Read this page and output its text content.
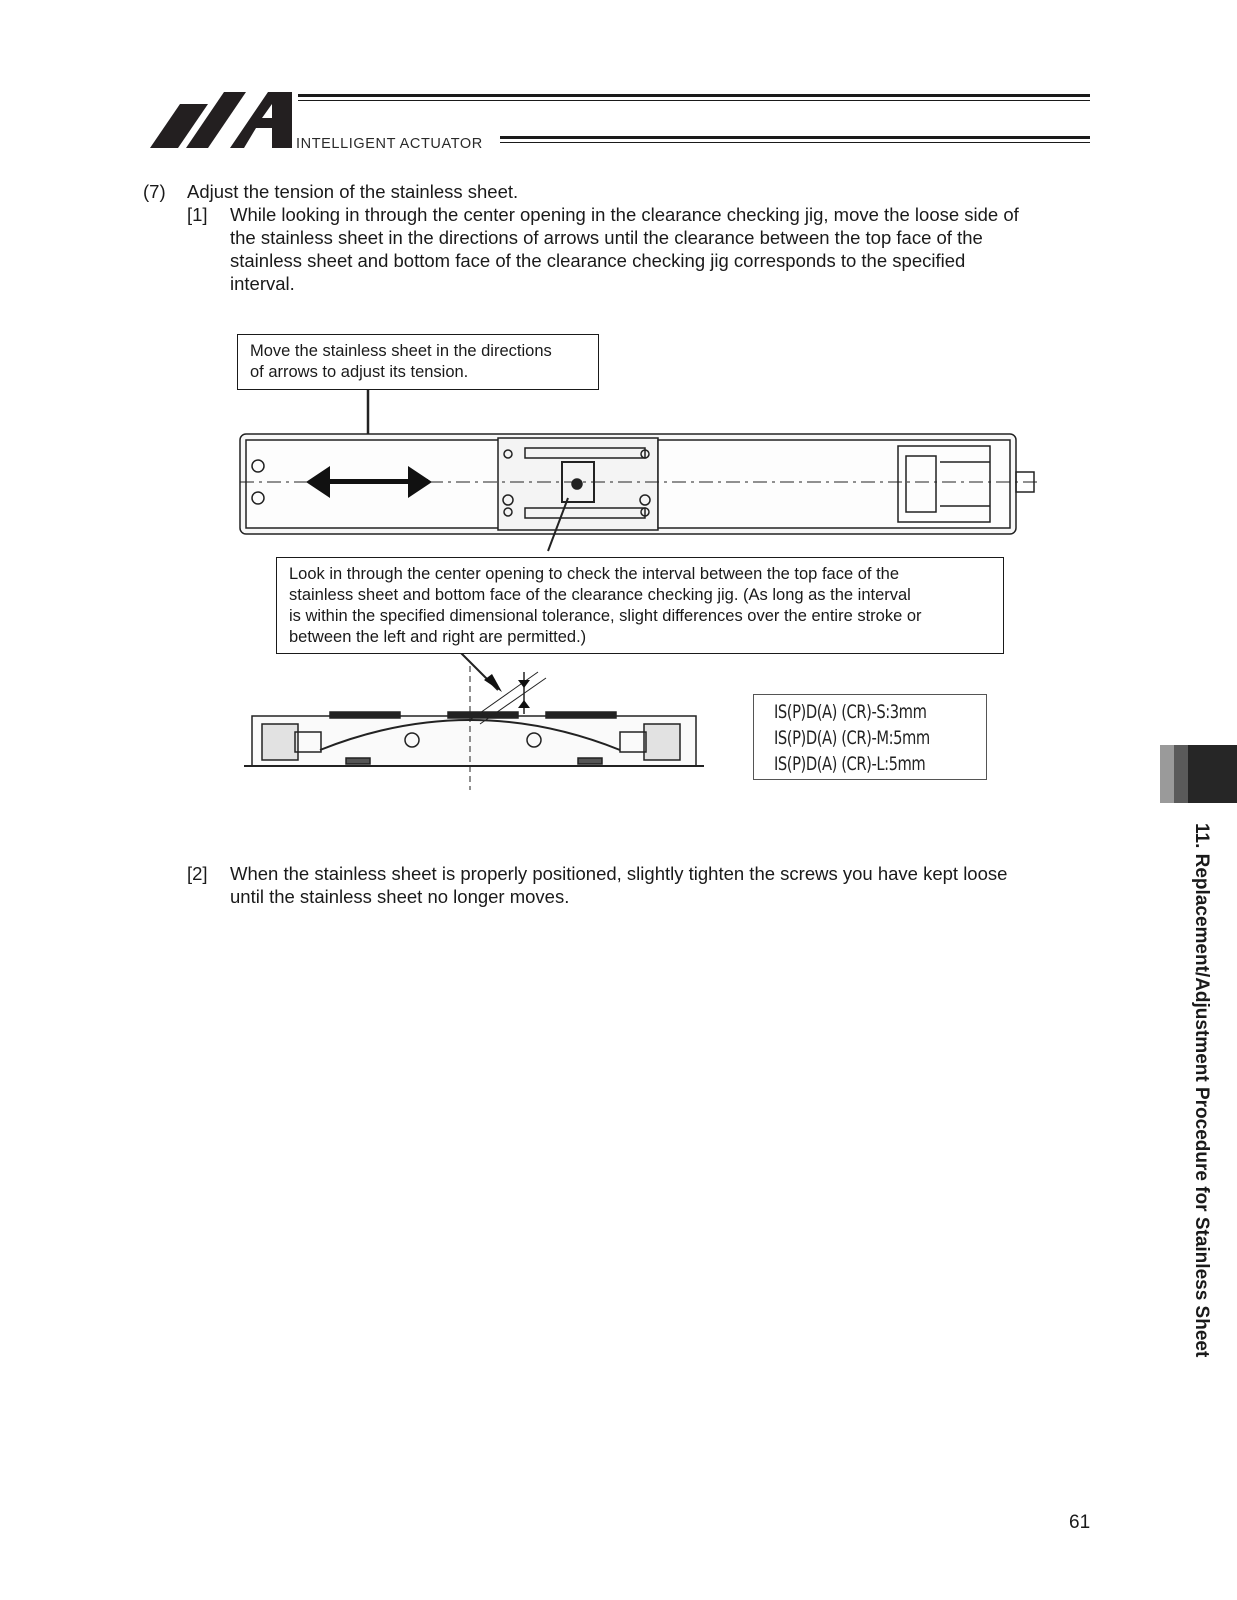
INTELLIGENT ACTUATOR
(7) Adjust the tension of the stainless sheet.
[1] While looking in through the center opening in the clearance checking jig, move the loose side of
the stainless sheet in the directions of arrows until the clearance between the top face of the
stainless sheet and bottom face of the clearance checking jig corresponds to the specified
interval.
Move the stainless sheet in the directions
of arrows to adjust its tension.
Look in through the center opening to check the interval between the top face of the
stainless sheet and bottom face of the clearance checking jig. (As long as the interval
is within the specified dimensional tolerance, slight differences over the entire stroke or
between the left and right are permitted.)
IS(P)D(A) (CR)-S:3mm
IS(P)D(A) (CR)-M:5mm
IS(P)D(A) (CR)-L:5mm
[2] When the stainless sheet is properly positioned, slightly tighten the screws you have kept loose
until the stainless sheet no longer moves.	11. Replacement/Adjustment Procedure for Stainless Sheet
61
